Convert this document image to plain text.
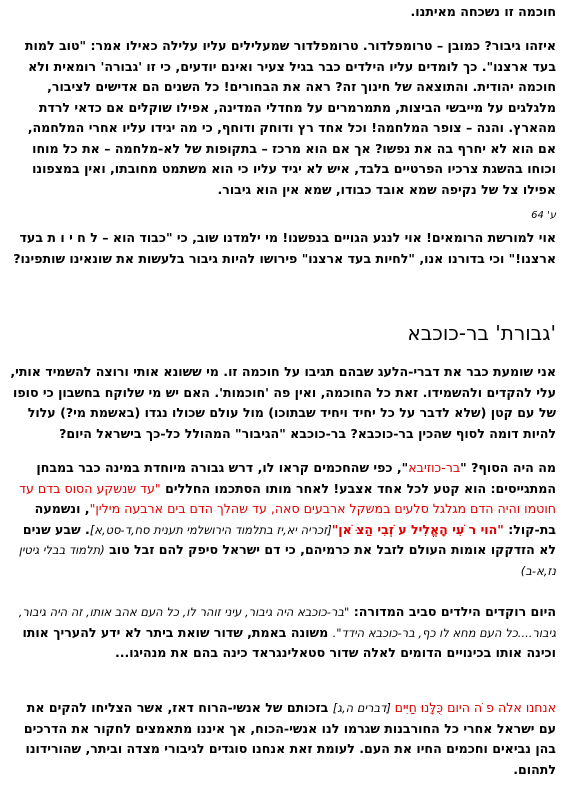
חוכמה זו נשכחה מאיתנו.
איזהו גיבור? כמובן – טרומפלדור. טרומפלדור שמעלילים עליו עלילה כאילו אמר: "טוב למות בעד ארצנו". כך לומדים עליו הילדים כבר בגיל צעיר ואינם יודעים, כי זו 'גבורה' רומאית ולא חוכמה יהודית. והתוצאה של חינוך זה? ראה את הבחורים! כל השנים הם אדישים לציבור, מלגלגים על מייבשי הביצות, מתמרמרים על מחדלי המדינה, אפילו שוקלים אם כדאי לרדת מהארץ. והנה – צופר המלחמה! וכל אחד רץ ודוחק ודוחף, כי מה יגידו עליו אחרי המלחמה, אם הוא לא יחרף בה את נפשו? אך אם הוא מרכז – בתקופות של לא-מלחמה – את כל מוחו וכוחו בהשגת צרכיו הפרטיים בלבד, איש לא יגיד עליו כי הוא משתמט מחובתו, ואין במצפונו אפילו צל של נקיפה שמא אובד כבודו, שמא אין הוא גיבור.
ע' 64
אוי למורשת הרומאים! אוי לנגע הגויים בנפשנו! מי ילמדנו שוב, כי "כבוד הוא – ל ח י ו ת בעד ארצנו!" וכי בדורנו אנו, "לחיות בעד ארצנו" פירושו להיות גיבור בלעשות את שונאינו שותפינו?
'גבורת' בר-כוכבא
אני שומעת כבר את דברי-הלעג שבהם תגיבו על חוכמה זו. מי ששונא אותי ורוצה להשמיד אותי, עלי להקדים ולהשמידו. זאת כל החוכמה, ואין פה 'חוכמות'. האם יש מי שלוקח בחשבון כי סופו של עם קטן (שלא לדבר על כל יחיד ויחיד שבתוכו) מול עולם שכולו נגדו (באשמת מי?) עלול להיות דומה לסוף שהכין בר-כוכבא? בר-כוכבא "הגיבור" המהולל כל-כך בישראל היום?
מה היה הסוף? "בר-כוזיבא", כפי שהחכמים קראו לו, דרש גבורה מיוחדת במינה כבר במבחן המתגייסים: הוא קטע לכל אחד אצבע! לאחר מותו הסתכמו החללים "עד שנשקע הסוס בדם עד חוטמו והיה הדם מגלגל סלעים במשקל ארבעים סאה, עד שהלך הדם בים ארבעה מילין", ונשמעה בת-קול: "הוי ר ֹעִי הָאֱלִיל ע ֹזְבִי הַצ ֹּאן"[זכריה יא,יז בתלמוד הירושלמי תענית סח,ד-סט,א]. שבע שנים לא הזדקקו אומות העולם לזבל את כרמיהם, כי דם ישראל סיפק להם זבל טוב (תלמוד בבלי גיטין נז,א-ב)
היום רוקדים הילדים סביב המדורה: "בר-כוכבא היה גיבור, עיני זוהר לו, כל העם אהב אותו, זה היה גיבור, גיבור....כל העם מחא לו כף, בר-כוכבא הידד". משונה באמת, שדור שואת ביתר לא ידע להעריך אותו וכינה אותו בכינויים הדומים לאלה שדור סטאלינגראד כינה בהם את מנהיגו...
אנחנו אלה פ ֹה היום כֻּלָּנוּ חַיִּים [דברים ה,ג] בזכותם של אנשי-הרוח דאז, אשר הצליחו להקים את עם ישראל אחרי כל החורבנות שגרמו לנו אנשי-הכוח, אך איננו מתאמצים לחקור את הדרכים בהן נביאים וחכמים החיו את העם. לעומת זאת אנחנו סוגדים לגיבורי מצדה וביתר, שהורידונו לתהום.
